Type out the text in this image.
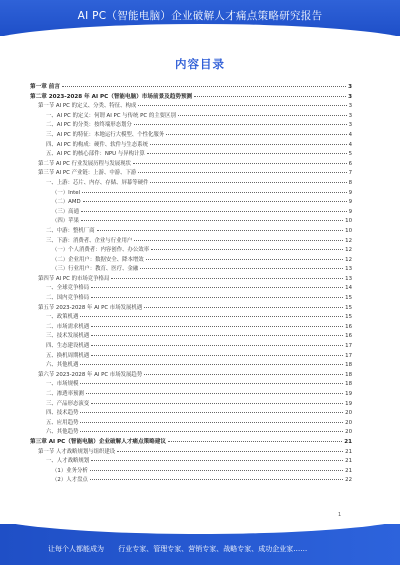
AI PC（智能电脑）企业破解人才痛点策略研究报告
内容目录
第一章 前言	3
第二章 2023-2028 年 AI PC（智能电脑）市场前景及趋势预测	3
第一节 AI PC 的定义、分类、特征、构成	3
一、AI PC 的定义：何谓 AI PC 与传统 PC 的主要区别	3
二、AI PC 的分类：按终端形态划分	3
三、AI PC 的特征：本地运行大模型、个性化服务	4
四、AI PC 的构成：硬件、软件与生态系统	4
五、AI PC 的核心部件：NPU 与异构计算	5
第二节 AI PC 行业发展历程与发展现状	6
第三节 AI PC 产业链：上游、中游、下游	7
一、上游：芯片、内存、存储、屏幕等硬件	8
（一）Intel	9
（二）AMD	9
（三）高通	9
（四）苹果	10
二、中游：整机厂商	10
三、下游：消费者、企业与行业用户	12
（一）个人消费者：内容创作、办公效率	12
（二）企业用户：数据安全、降本增效	12
（三）行业用户：教育、医疗、金融	13
第四节 AI PC 的市场竞争格局	13
一、全球竞争格局	14
二、国内竞争格局	15
第五节 2023-2028 年 AI PC 市场发展机遇	15
一、政策机遇	15
二、市场需求机遇	16
三、技术发展机遇	16
四、生态建设机遇	17
五、换机周期机遇	17
六、其他机遇	18
第六节 2023-2028 年 AI PC 市场发展趋势	18
一、市场规模	18
二、渗透率预测	19
三、产品形态演变	19
四、技术趋势	20
五、应用趋势	20
六、其他趋势	20
第三章 AI PC（智能电脑）企业破解人才痛点策略建议	21
第一节 人才战略规划与组织建设	21
一、人才战略规划	21
（1）业务分析	21
（2）人才盘点	22
1
让每个人都能成为 行业专家、管理专家、营销专家、战略专家、成功企业家……
